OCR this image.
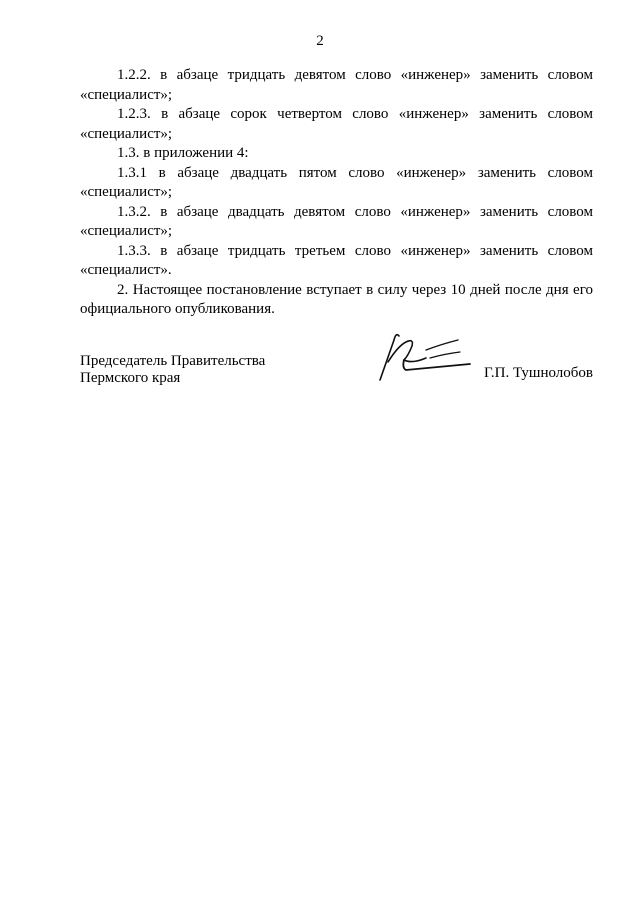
2

1.2.2. в абзаце тридцать девятом слово «инженер» заменить словом «специалист»;

1.2.3. в абзаце сорок четвертом слово «инженер» заменить словом «специалист»;

1.3. в приложении 4:

1.3.1 в абзаце двадцать пятом слово «инженер» заменить словом «специалист»;

1.3.2. в абзаце двадцать девятом слово «инженер» заменить словом «специалист»;

1.3.3. в абзаце тридцать третьем слово «инженер» заменить словом «специалист».

2. Настоящее постановление вступает в силу через 10 дней после дня его официального опубликования.

Председатель Правительства
Пермского края	Г.П. Тушнолобов
